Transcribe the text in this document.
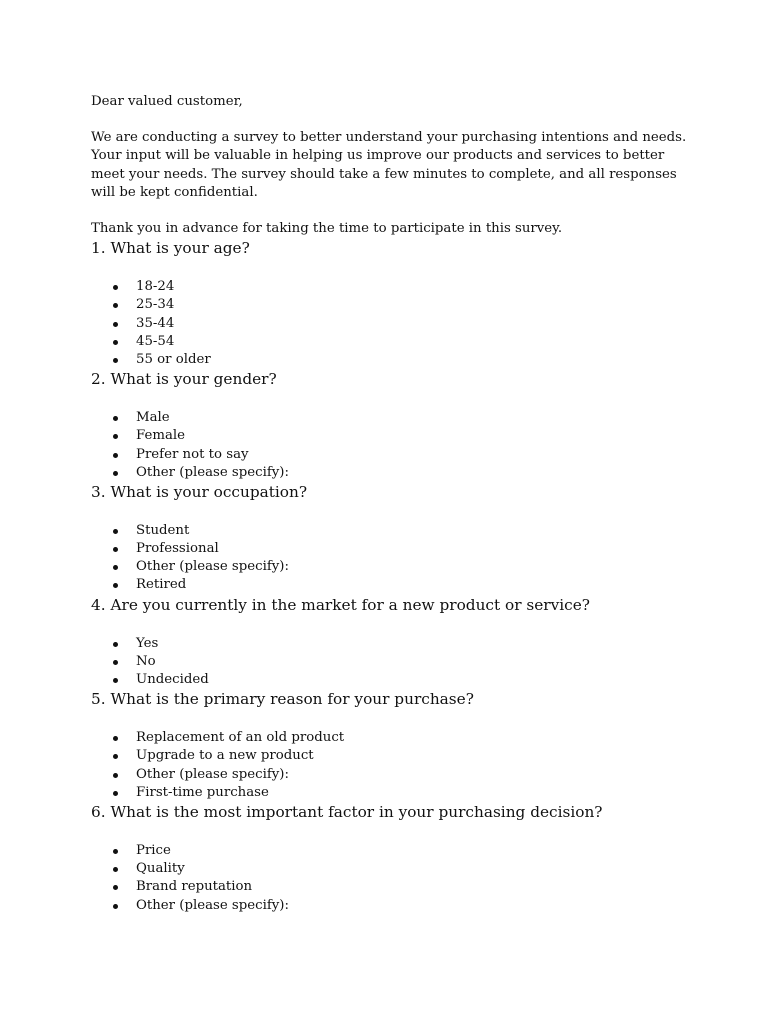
Dear valued customer,

We are conducting a survey to better understand your purchasing intentions and needs. Your input will be valuable in helping us improve our products and services to better meet your needs. The survey should take a few minutes to complete, and all responses will be kept confidential.

Thank you in advance for taking the time to participate in this survey.

1. What is your age?

18-24
25-34
35-44
45-54
55 or older

2. What is your gender?

Male
Female
Prefer not to say
Other (please specify):

3. What is your occupation?

Student
Professional
Other (please specify):
Retired

4. Are you currently in the market for a new product or service?

Yes
No
Undecided

5. What is the primary reason for your purchase?

Replacement of an old product
Upgrade to a new product
Other (please specify):
First-time purchase

6. What is the most important factor in your purchasing decision?

Price
Quality
Brand reputation
Other (please specify):
